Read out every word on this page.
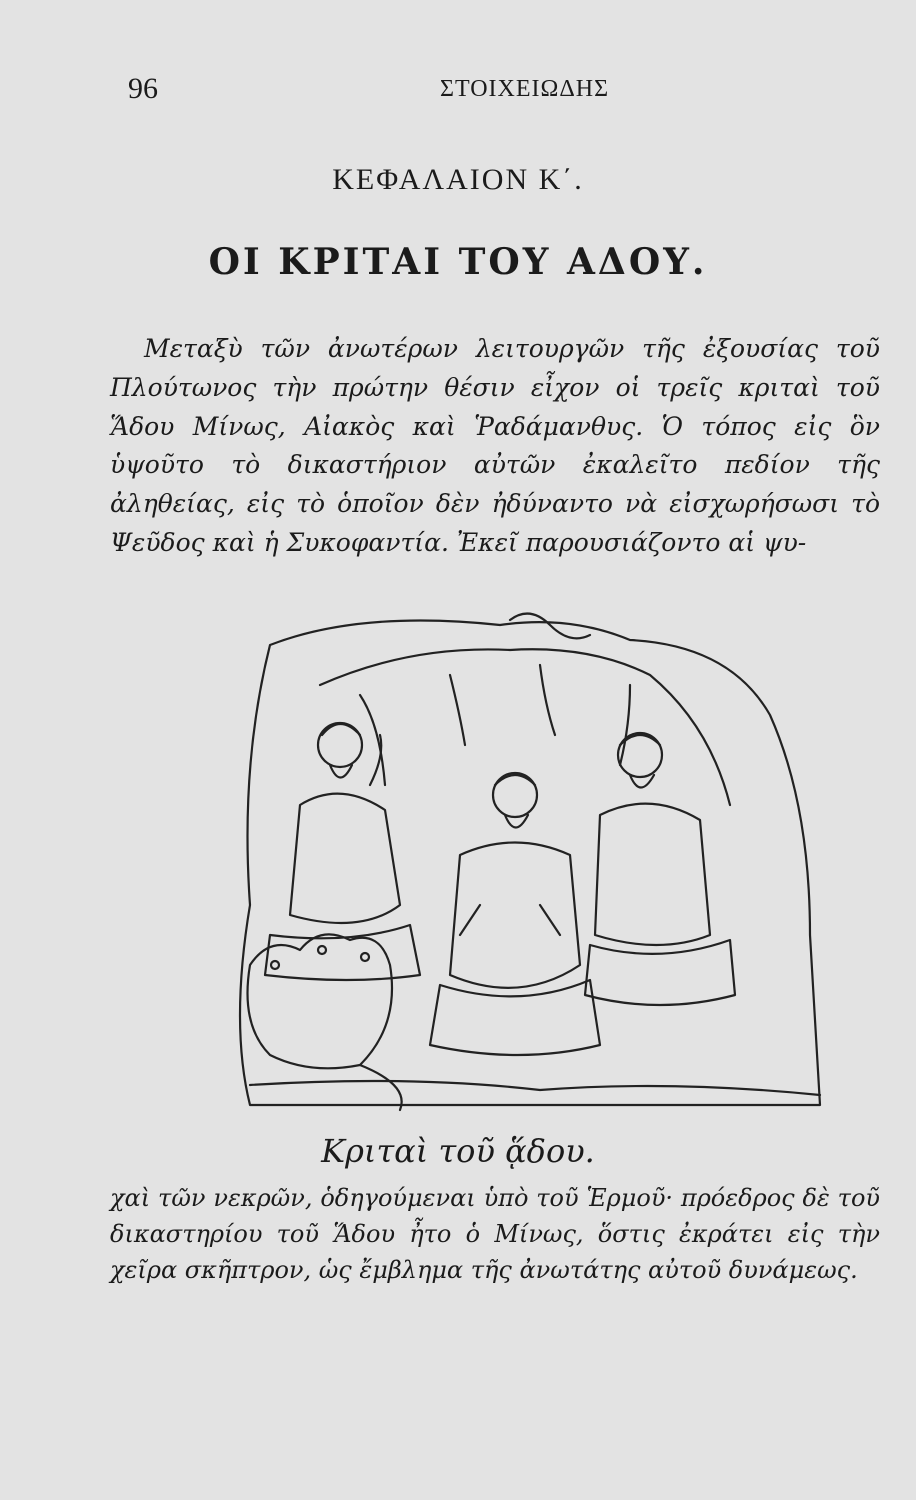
96	ΣΤΟΙΧΕΙΩΔΗΣ
ΚΕΦΑΛΑΙΟΝ Κ΄.
ΟΙ ΚΡΙΤΑΙ ΤΟΥ ΑΔΟΥ.
Μεταξὺ τῶν ἀνωτέρων λειτουργῶν τῆς ἐξουσίας τοῦ Πλούτωνος τὴν πρώτην θέσιν εἶχον οἱ τρεῖς κριταὶ τοῦ Ἅδου Μίνως, Αἰακὸς καὶ Ῥαδάμανθυς. Ὁ τόπος εἰς ὃν ὑψοῦτο τὸ δικαστήριον αὐτῶν ἐκαλεῖτο πεδίον τῆς ἀληθείας, εἰς τὸ ὁποῖον δὲν ἠδύναντο νὰ εἰσχωρήσωσι τὸ Ψεῦδος καὶ ἡ Συκοφαντία. Ἐκεῖ παρουσιάζοντο αἱ ψυ-
Κριταὶ τοῦ ᾅδου.
χαὶ τῶν νεκρῶν, ὁδηγούμεναι ὑπὸ τοῦ Ἑρμοῦ· πρόεδρος δὲ τοῦ δικαστηρίου τοῦ Ἅδου ἦτο ὁ Μίνως, ὅστις ἐκράτει εἰς τὴν χεῖρα σκῆπτρον, ὡς ἔμβλημα τῆς ἀνωτάτης αὐτοῦ δυνάμεως.
